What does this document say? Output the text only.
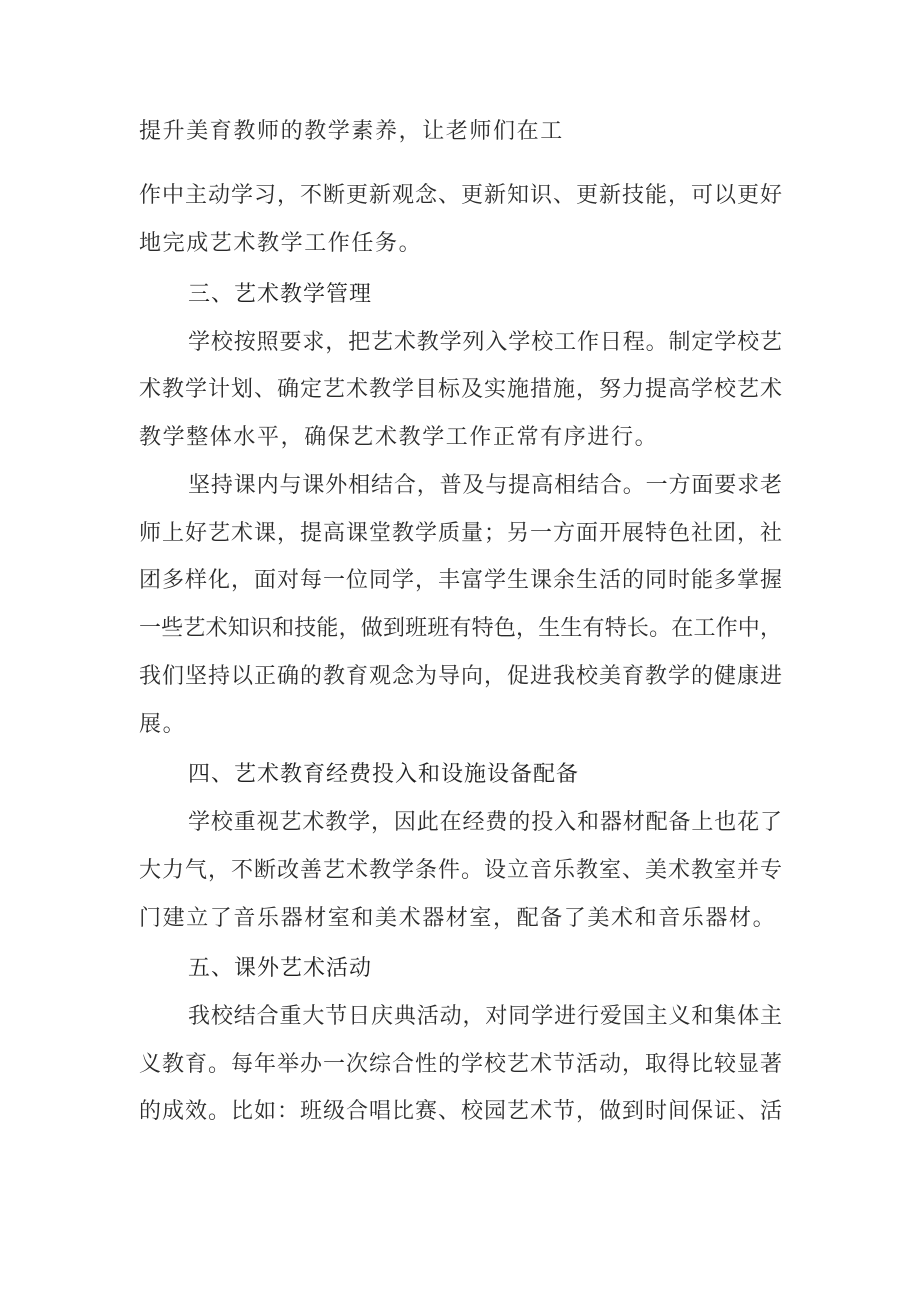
提升美育教师的教学素养，让老师们在工
作中主动学习，不断更新观念、更新知识、更新技能，可以更好
地完成艺术教学工作任务。
三、艺术教学管理
学校按照要求，把艺术教学列入学校工作日程。制定学校艺
术教学计划、确定艺术教学目标及实施措施，努力提高学校艺术
教学整体水平，确保艺术教学工作正常有序进行。
坚持课内与课外相结合，普及与提高相结合。一方面要求老
师上好艺术课，提高课堂教学质量；另一方面开展特色社团，社
团多样化，面对每一位同学，丰富学生课余生活的同时能多掌握
一些艺术知识和技能，做到班班有特色，生生有特长。在工作中，
我们坚持以正确的教育观念为导向，促进我校美育教学的健康进
展。
四、艺术教育经费投入和设施设备配备
学校重视艺术教学，因此在经费的投入和器材配备上也花了
大力气，不断改善艺术教学条件。设立音乐教室、美术教室并专
门建立了音乐器材室和美术器材室，配备了美术和音乐器材。
五、课外艺术活动
我校结合重大节日庆典活动，对同学进行爱国主义和集体主
义教育。每年举办一次综合性的学校艺术节活动，取得比较显著
的成效。比如：班级合唱比赛、校园艺术节，做到时间保证、活
